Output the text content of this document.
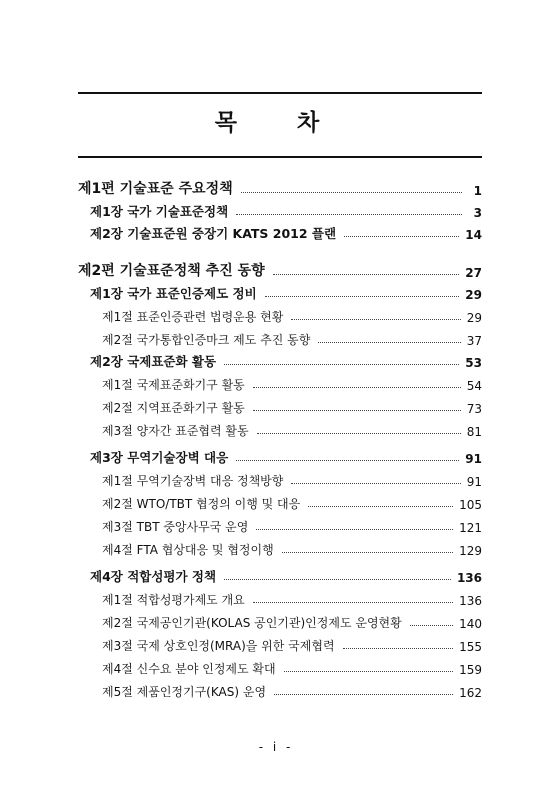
목 차
제1편 기술표준 주요정책	1
제1장 국가 기술표준정책	3
제2장 기술표준원 중장기 KATS 2012 플랜	14
제2편 기술표준정책 추진 동향	27
제1장 국가 표준인증제도 정비	29
제1절 표준인증관련 법령운용 현황	29
제2절 국가통합인증마크 제도 추진 동향	37
제2장 국제표준화 활동	53
제1절 국제표준화기구 활동	54
제2절 지역표준화기구 활동	73
제3절 양자간 표준협력 활동	81
제3장 무역기술장벽 대응	91
제1절 무역기술장벽 대응 정책방향	91
제2절 WTO/TBT 협정의 이행 및 대응	105
제3절 TBT 중앙사무국 운영	121
제4절 FTA 협상대응 및 협정이행	129
제4장 적합성평가 정책	136
제1절 적합성평가제도 개요	136
제2절 국제공인기관(KOLAS 공인기관)인정제도 운영현황	140
제3절 국제 상호인정(MRA)을 위한 국제협력	155
제4절 신수요 분야 인정제도 확대	159
제5절 제품인정기구(KAS) 운영	162
- i -
